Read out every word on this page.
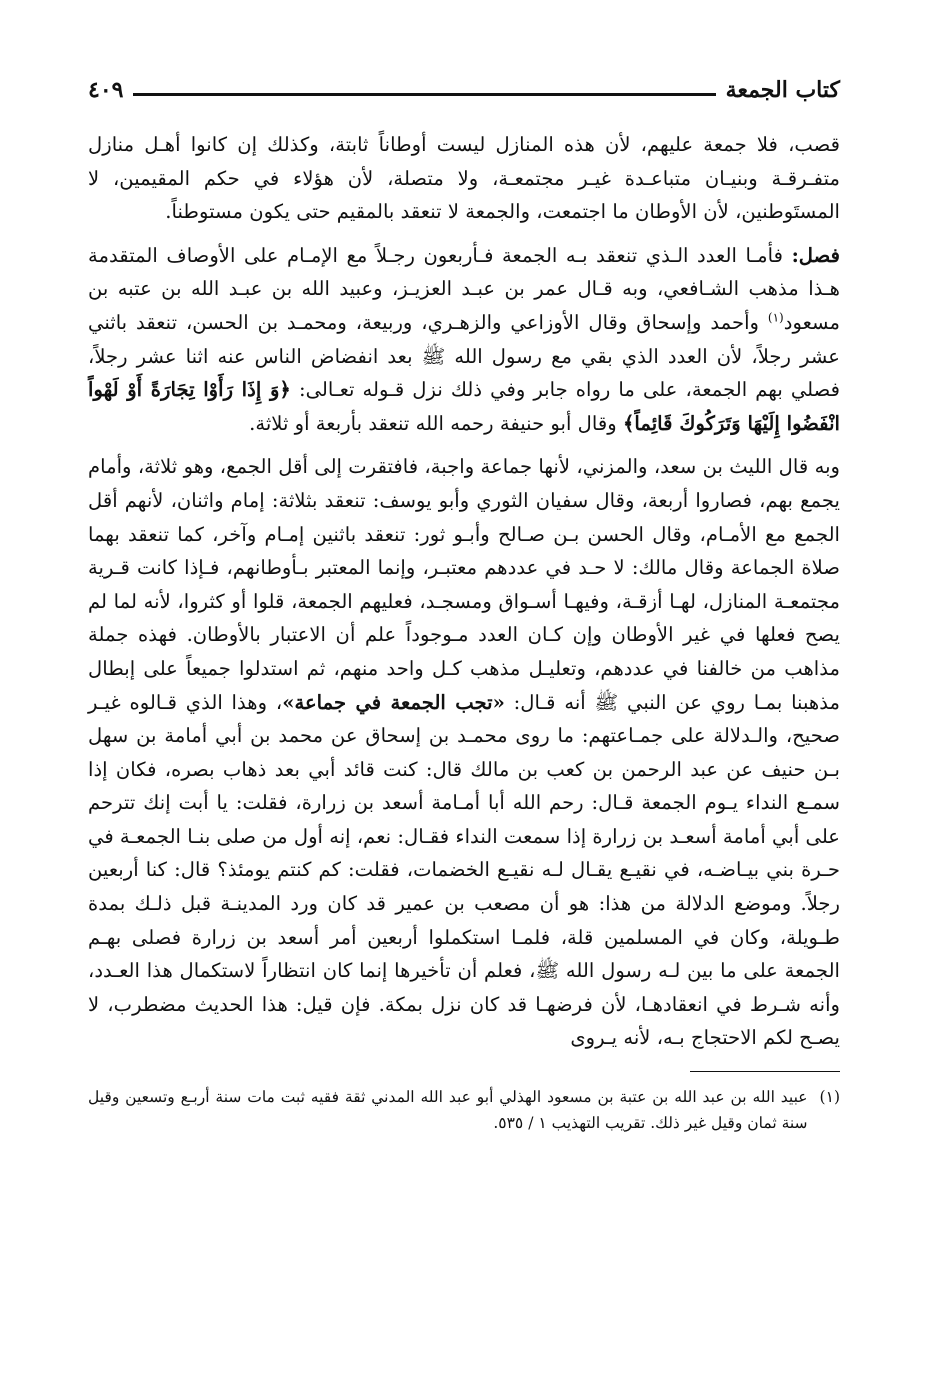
كتاب الجمعة
٤٠٩

قصب، فلا جمعة عليهم، لأن هذه المنازل ليست أوطاناً ثابتة، وكذلك إن كانوا أهـل منازل متفـرقـة وبنيـان متباعـدة غيـر مجتمعـة، ولا متصلة، لأن هؤلاء في حكم المقيمين، لا المستَوطنين، لأن الأوطان ما اجتمعت، والجمعة لا تنعقد بالمقيم حتى يكون مستوطناً.

فصل: فأمـا العدد الـذي تنعقد بـه الجمعة فـأربعون رجـلاً مع الإمـام على الأوصاف المتقدمة هـذا مذهب الشـافعي، وبه قـال عمر بن عبـد العزيـز، وعبيد الله بن عبـد الله بن عتبه بن مسعود$^{(١)}$ وأحمد وإسحاق وقال الأوزاعي والزهـري، وربيعة، ومحمـد بن الحسن، تنعقد باثني عشر رجلاً، لأن العدد الذي بقي مع رسول الله ﷺ بعد انفضاض الناس عنه اثنا عشر رجلاً، فصلي بهم الجمعة، على ما رواه جابر وفي ذلك نزل قـوله تعـالى: ﴿وَ إِذَا رَأَوْا تِجَارَةً أَوْ لَهْواً انْفَضُوا إِلَيْهَا وَتَرَكُوكَ قَائِماً﴾ وقال أبو حنيفة رحمه الله تنعقد بأربعة أو ثلاثة.

وبه قال الليث بن سعد، والمزني، لأنها جماعة واجبة، فافتقرت إلى أقل الجمع، وهو ثلاثة، وأمام يجمع بهم، فصاروا أربعة، وقال سفيان الثوري وأبو يوسف: تنعقد بثلاثة: إمام واثنان، لأنهم أقل الجمع مع الأمـام، وقال الحسن بـن صـالح وأبـو ثور: تنعقد باثنين إمـام وآخر، كما تنعقد بهما صلاة الجماعة وقال مالك: لا حـد في عددهم معتبـر، وإنما المعتبر بـأوطانهم، فـإذا كانت قـرية مجتمعـة المنازل، لهـا أزقـة، وفيهـا أسـواق ومسجـد، فعليهم الجمعة، قلوا أو كثروا، لأنه لما لم يصح فعلها في غير الأوطان وإن كـان العدد مـوجوداً علم أن الاعتبار بالأوطان. فهذه جملة مذاهب من خالفنا في عددهم، وتعليـل مذهب كـل واحد منهم، ثم استدلوا جميعاً على إبطال مذهبنا بمـا روي عن النبي ﷺ أنه قـال: «تجب الجمعة في جماعة»، وهذا الذي قـالوه غيـر صحيح، والـدلالة على جمـاعتهم: ما روى محمـد بن إسحاق عن محمد بن أبي أمامة بن سهل بـن حنيف عن عبد الرحمن بن كعب بن مالك قال: كنت قائد أبي بعد ذهاب بصره، فكان إذا سمـع النداء يـوم الجمعة قـال: رحم الله أبا أمـامة أسعد بن زرارة، فقلت: يا أبت إنك تترحم على أبي أمامة أسعـد بن زرارة إذا سمعت النداء فقـال: نعم، إنه أول من صلى بنـا الجمعـة في حـرة بني بيـاضـه، في نقيـع يقـال لـه نقيـع الخضمات، فقلت: كم كنتم يومئذ؟ قال: كنا أربعين رجلاً. وموضع الدلالة من هذا: هو أن مصعب بن عمير قد كان ورد المدينـة قبل ذلـك بمدة طـويلة، وكان في المسلمين قلة، فلمـا استكملوا أربعين أمر أسعد بن زرارة فصلى بهـم الجمعة على ما بين لـه رسول الله ﷺ، فعلم أن تأخيرها إنما كان انتظاراً لاستكمال هذا العـدد، وأنه شـرط في انعقادهـا، لأن فرضهـا قد كان نزل بمكة. فإن قيل: هذا الحديث مضطرب، لا يصـح لكم الاحتجاج بـه، لأنه يـروى

(١)
عبيد الله بن عبد الله بن عتبة بن مسعود الهذلي أبو عبد الله المدني ثقة فقيه ثبت مات سنة أربـع وتسعين وقيل سنة ثمان وقيل غير ذلك. تقريب التهذيب ١ / ٥٣٥.
